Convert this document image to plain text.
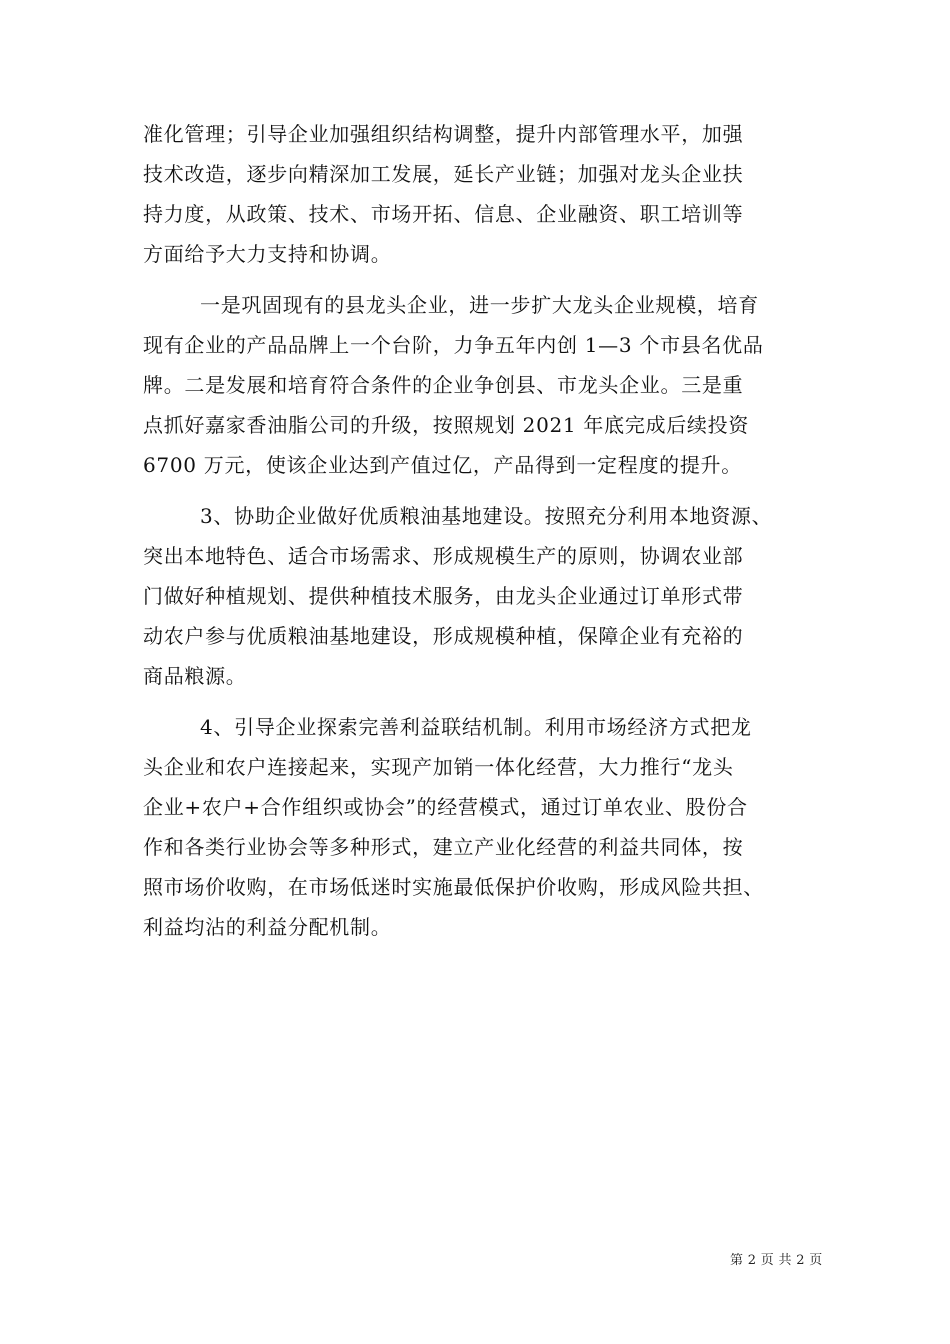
准化管理；引导企业加强组织结构调整，提升内部管理水平，加强
技术改造，逐步向精深加工发展，延长产业链；加强对龙头企业扶
持力度，从政策、技术、市场开拓、信息、企业融资、职工培训等
方面给予大力支持和协调。
一是巩固现有的县龙头企业，进一步扩大龙头企业规模，培育
现有企业的产品品牌上一个台阶，力争五年内创 1—3 个市县名优品
牌。二是发展和培育符合条件的企业争创县、市龙头企业。三是重
点抓好嘉家香油脂公司的升级，按照规划 2021 年底完成后续投资
6700 万元，使该企业达到产值过亿，产品得到一定程度的提升。
3、协助企业做好优质粮油基地建设。按照充分利用本地资源、
突出本地特色、适合市场需求、形成规模生产的原则，协调农业部
门做好种植规划、提供种植技术服务，由龙头企业通过订单形式带
动农户参与优质粮油基地建设，形成规模种植，保障企业有充裕的
商品粮源。
4、引导企业探索完善利益联结机制。利用市场经济方式把龙
头企业和农户连接起来，实现产加销一体化经营，大力推行“龙头
企业+农户+合作组织或协会”的经营模式，通过订单农业、股份合
作和各类行业协会等多种形式，建立产业化经营的利益共同体，按
照市场价收购，在市场低迷时实施最低保护价收购，形成风险共担、
利益均沾的利益分配机制。
第 2 页 共 2 页
